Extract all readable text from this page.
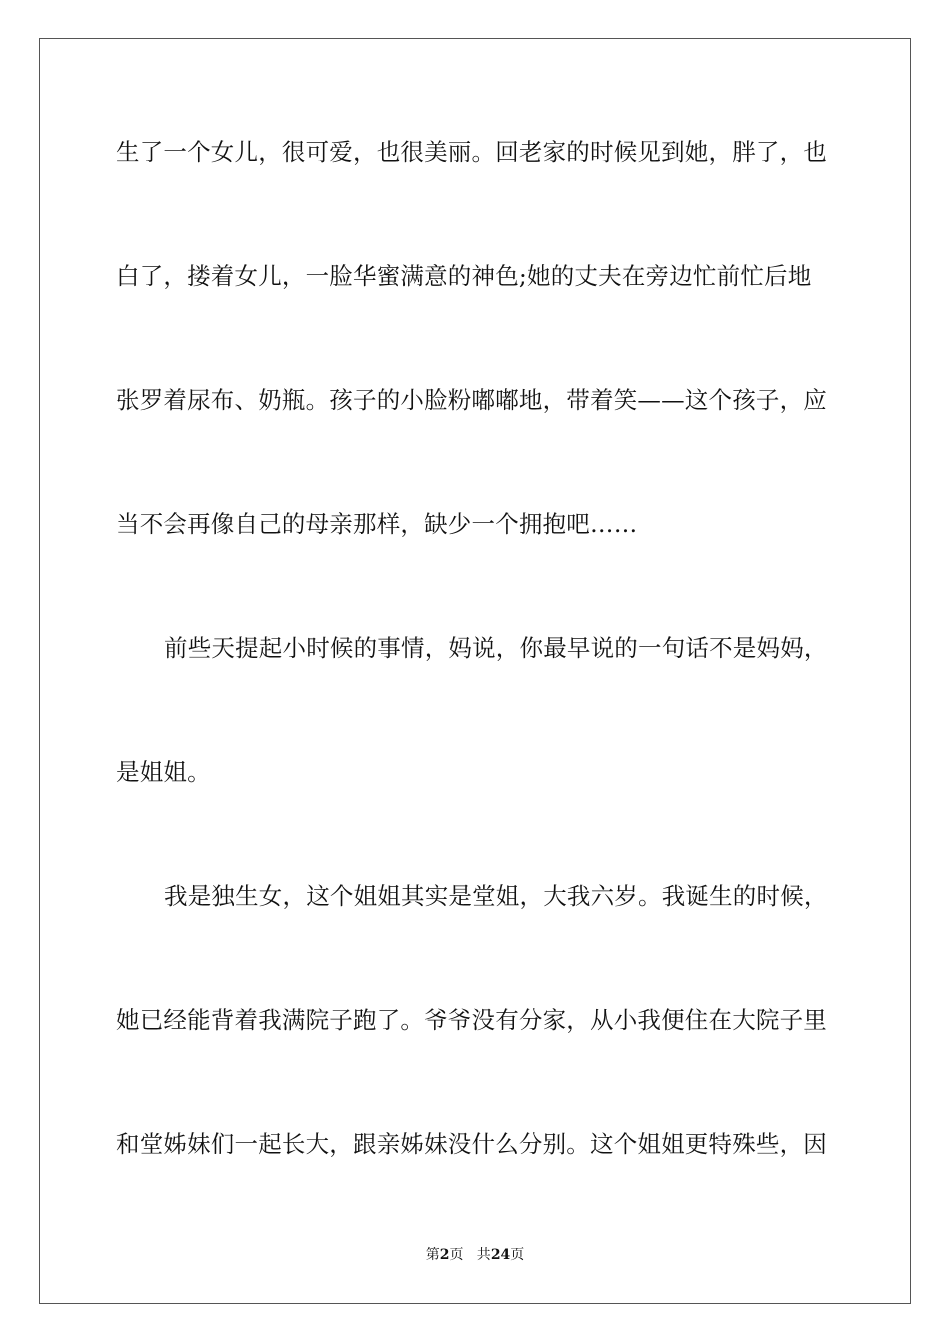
生了一个女儿，很可爱，也很美丽。回老家的时候见到她，胖了，也
白了，搂着女儿，一脸华蜜满意的神色;她的丈夫在旁边忙前忙后地
张罗着尿布、奶瓶。孩子的小脸粉嘟嘟地，带着笑——这个孩子，应
当不会再像自己的母亲那样，缺少一个拥抱吧……
前些天提起小时候的事情，妈说，你最早说的一句话不是妈妈，
是姐姐。
我是独生女，这个姐姐其实是堂姐，大我六岁。我诞生的时候，
她已经能背着我满院子跑了。爷爷没有分家，从小我便住在大院子里
和堂姊妹们一起长大，跟亲姊妹没什么分别。这个姐姐更特殊些，因
第2页   共24页
